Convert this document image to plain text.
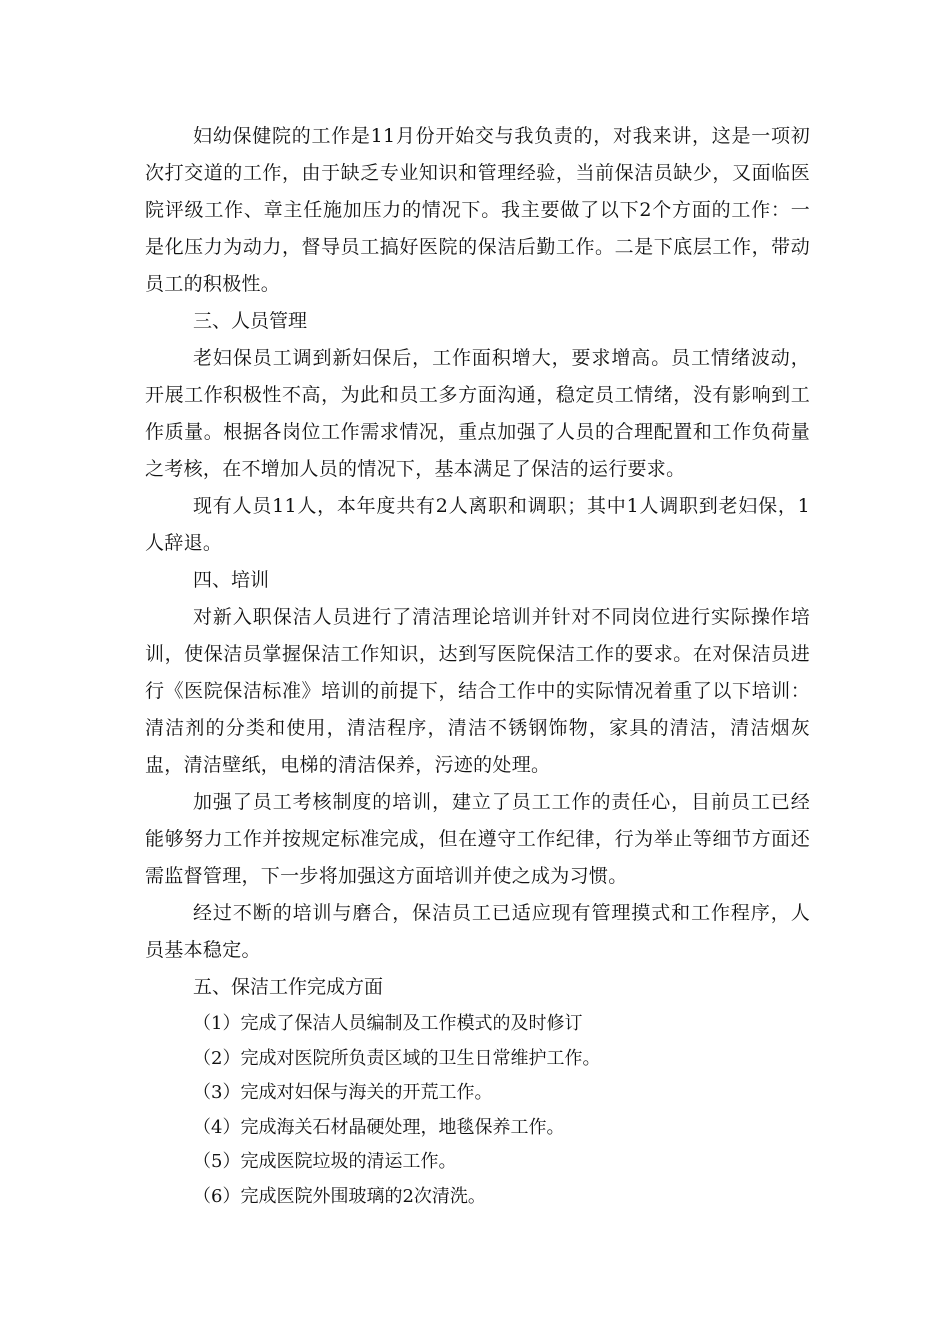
妇幼保健院的工作是11月份开始交与我负责的，对我来讲，这是一项初次打交道的工作，由于缺乏专业知识和管理经验，当前保洁员缺少，又面临医院评级工作、章主任施加压力的情况下。我主要做了以下2个方面的工作：一是化压力为动力，督导员工搞好医院的保洁后勤工作。二是下底层工作，带动员工的积极性。

三、人员管理

老妇保员工调到新妇保后，工作面积增大，要求增高。员工情绪波动，开展工作积极性不高，为此和员工多方面沟通，稳定员工情绪，没有影响到工作质量。根据各岗位工作需求情况，重点加强了人员的合理配置和工作负荷量之考核，在不增加人员的情况下，基本满足了保洁的运行要求。

现有人员11人，本年度共有2人离职和调职；其中1人调职到老妇保，1人辞退。

四、培训

对新入职保洁人员进行了清洁理论培训并针对不同岗位进行实际操作培训，使保洁员掌握保洁工作知识，达到写医院保洁工作的要求。在对保洁员进行《医院保洁标准》培训的前提下，结合工作中的实际情况着重了以下培训：清洁剂的分类和使用，清洁程序，清洁不锈钢饰物，家具的清洁，清洁烟灰盅，清洁壁纸，电梯的清洁保养，污迹的处理。

加强了员工考核制度的培训，建立了员工工作的责任心，目前员工已经能够努力工作并按规定标准完成，但在遵守工作纪律，行为举止等细节方面还需监督管理，下一步将加强这方面培训并使之成为习惯。

经过不断的培训与磨合，保洁员工已适应现有管理摸式和工作程序，人员基本稳定。

五、保洁工作完成方面

（1）完成了保洁人员编制及工作模式的及时修订

（2）完成对医院所负责区域的卫生日常维护工作。

（3）完成对妇保与海关的开荒工作。

（4）完成海关石材晶硬处理，地毯保养工作。

（5）完成医院垃圾的清运工作。

（6）完成医院外围玻璃的2次清洗。
